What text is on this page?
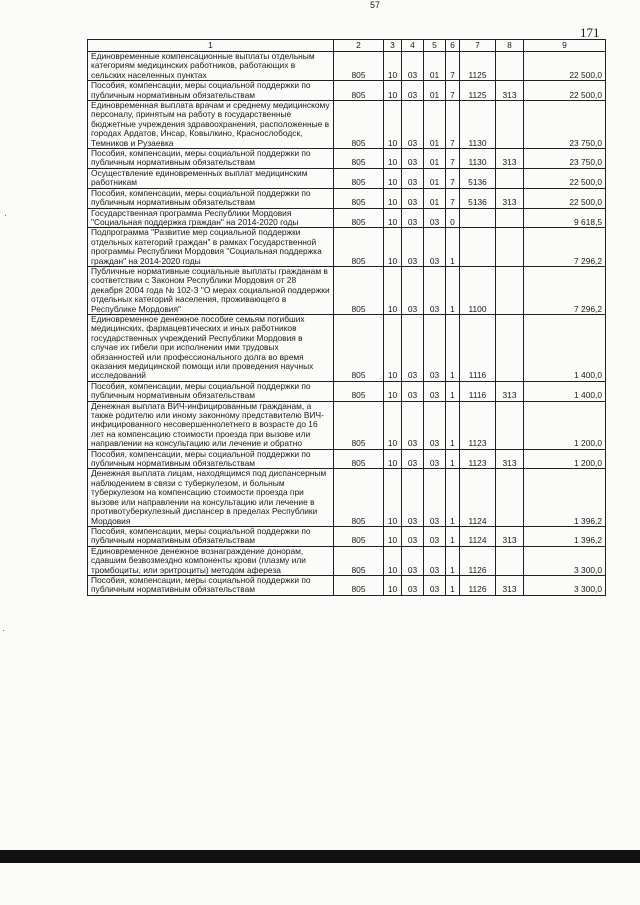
57
171
1	2	3	4	5	6	7	8	9
Единовременные компенсационные выплаты отдельным категориям медицинских работников, работающих в сельских населенных пунктах	805	10	03	01	7	1125		22 500,0
Пособия, компенсации, меры социальной поддержки по публичным нормативным обязательствам	805	10	03	01	7	1125	313	22 500,0
Единовременная выплата врачам и среднему медицинскому персоналу, принятым на работу в государственные бюджетные учреждения здравоохранения, расположенные в городах Ардатов, Инсар, Ковылкино, Краснослободск, Темников и Рузаевка	805	10	03	01	7	1130		23 750,0
Пособия, компенсации, меры социальной поддержки по публичным нормативным обязательствам	805	10	03	01	7	1130	313	23 750,0
Осуществление единовременных выплат медицинским работникам	805	10	03	01	7	5136		22 500,0
Пособия, компенсации, меры социальной поддержки по публичным нормативным обязательствам	805	10	03	01	7	5136	313	22 500,0
Государственная программа Республики Мордовия "Социальная поддержка граждан" на 2014-2020 годы	805	10	03	03	0			9 618,5
Подпрограмма "Развитие мер социальной поддержки отдельных категорий граждан" в рамках Государственной программы Республики Мордовия "Социальная поддержка граждан" на 2014-2020 годы	805	10	03	03	1			7 296,2
Публичные нормативные социальные выплаты гражданам в соответствии с Законом Республики Мордовия от 28 декабря 2004 года № 102-З "О мерах социальной поддержки отдельных категорий населения, проживающего в Республике Мордовия"	805	10	03	03	1	1100		7 296,2
Единовременное денежное пособие семьям погибших медицинских, фармацевтических и иных работников государственных учреждений Республики Мордовия в случае их гибели при исполнении ими трудовых обязанностей или профессионального долга во время оказания медицинской помощи или проведения научных исследований	805	10	03	03	1	1116		1 400,0
Пособия, компенсации, меры социальной поддержки по публичным нормативным обязательствам	805	10	03	03	1	1116	313	1 400,0
Денежная выплата ВИЧ-инфицированным гражданам, а также родителю или иному законному представителю ВИЧ-инфицированного несовершеннолетнего в возрасте до 16 лет на компенсацию стоимости проезда при вызове или направлении на консультацию или лечение и обратно	805	10	03	03	1	1123		1 200,0
Пособия, компенсации, меры социальной поддержки по публичным нормативным обязательствам	805	10	03	03	1	1123	313	1 200,0
Денежная выплата лицам, находящимся под диспансерным наблюдением в связи с туберкулезом, и больным туберкулезом на компенсацию стоимости проезда при вызове или направлении на консультацию или лечение в противотуберкулезный диспансер в пределах Республики Мордовия	805	10	03	03	1	1124		1 396,2
Пособия, компенсации, меры социальной поддержки по публичным нормативным обязательствам	805	10	03	03	1	1124	313	1 396,2
Единовременное денежное вознаграждение донорам, сдавшим безвозмездно компоненты крови (плазму или тромбоциты, или эритроциты) методом афереза	805	10	03	03	1	1126		3 300,0
Пособия, компенсации, меры социальной поддержки по публичным нормативным обязательствам	805	10	03	03	1	1126	313	3 300,0
·
·
